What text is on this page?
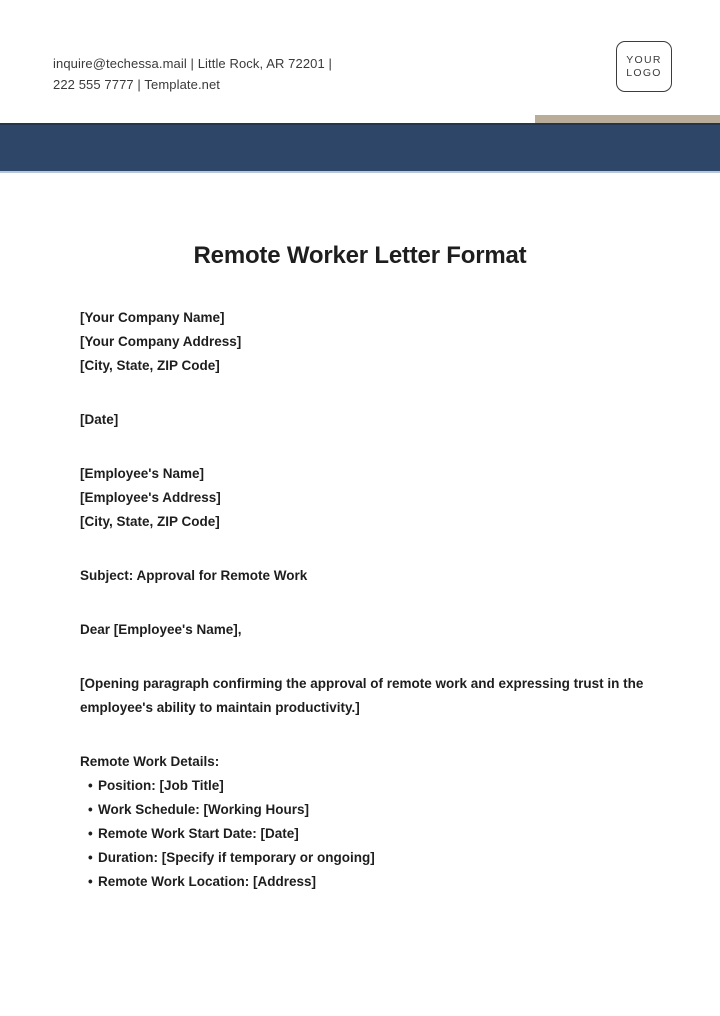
inquire@techessa.mail | Little Rock, AR 72201 |
222 555 7777 | Template.net
YOUR
LOGO
Remote Worker Letter Format
[Your Company Name]
[Your Company Address]
[City, State, ZIP Code]
[Date]
[Employee's Name]
[Employee's Address]
[City, State, ZIP Code]
Subject: Approval for Remote Work
Dear [Employee's Name],

[Opening paragraph confirming the approval of remote work and expressing trust in the employee's ability to maintain productivity.]

Remote Work Details:
• Position: [Job Title]
• Work Schedule: [Working Hours]
• Remote Work Start Date: [Date]
• Duration: [Specify if temporary or ongoing]
• Remote Work Location: [Address]
